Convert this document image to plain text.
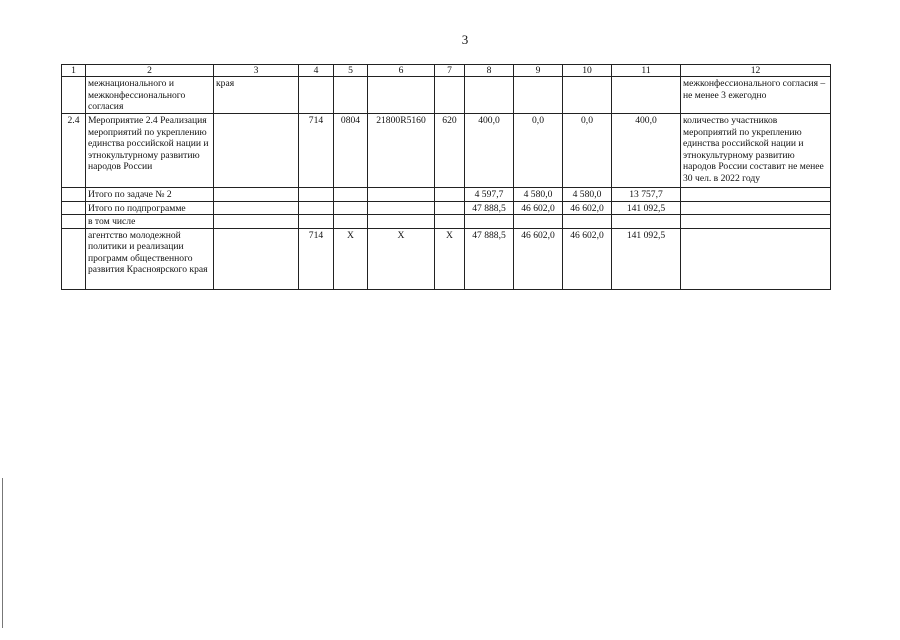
3
1	2	3	4	5	6	7	8	9	10	11	12
	межнационального и межконфессионального согласия	края									межконфессионального согласия – не менее 3 ежегодно
2.4	Мероприятие 2.4 Реализация мероприятий по укреплению единства российской нации и этнокультурному развитию народов России		714	0804	21800R5160	620	400,0	0,0	0,0	400,0	количество участников мероприятий по укреплению единства российской нации и этнокультурному развитию народов России составит не менее 30 чел. в 2022 году
	Итого по задаче № 2						4 597,7	4 580,0	4 580,0	13 757,7	
	Итого по подпрограмме						47 888,5	46 602,0	46 602,0	141 092,5	
	в том числе										
	агентство молодежной политики и реализации программ общественного развития Красноярского края		714	Х	Х	Х	47 888,5	46 602,0	46 602,0	141 092,5	
